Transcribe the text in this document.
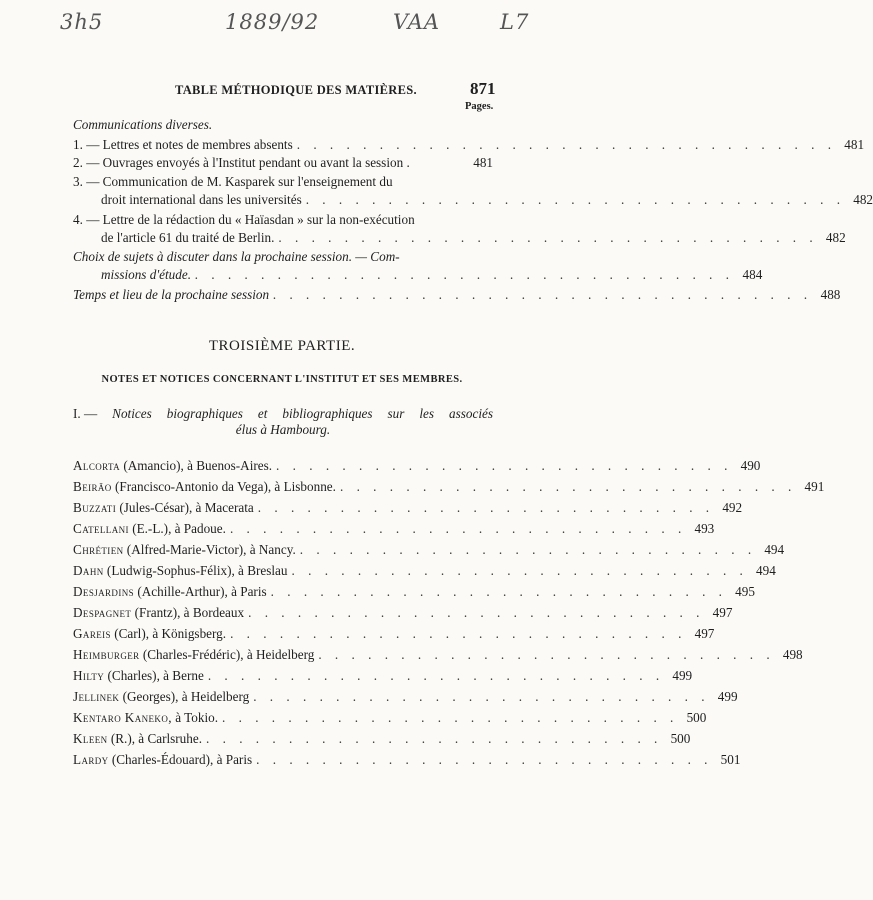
3h5	1889/92	VAA	L7
TABLE MÉTHODIQUE DES MATIÈRES.	871
Pages.
Communications diverses.
1. — Lettres et notes de membres absents . . . . . . . . . . . . . . . . . . . . . . . . . . . . . . . . . 481
2. — Ouvrages envoyés à l'Institut pendant ou avant la session .	481
3. — Communication de M. Kasparek sur l'enseignement du
droit international dans les universités . . . . . . . . . . . . . . . . . . . . . . . . . . . . . . . . . 482
4. — Lettre de la rédaction du « Haïasdan » sur la non-exécution
de l'article 61 du traité de Berlin. . . . . . . . . . . . . . . . . . . . . . . . . . . . . . . . . . 482
Choix de sujets à discuter dans la prochaine session. — Com-
missions d'étude. . . . . . . . . . . . . . . . . . . . . . . . . . . . . . . . . . 484
Temps et lieu de la prochaine session . . . . . . . . . . . . . . . . . . . . . . . . . . . . . . . . . 488
TROISIÈME PARTIE.
NOTES ET NOTICES CONCERNANT L'INSTITUT ET SES MEMBRES.
I. — Notices biographiques et bibliographiques sur les associés
élus à Hambourg.
Alcorta (Amancio), à Buenos-Aires. . . . . . . . . . . . . . . . . . . . . . . . . . . . . 490
Beirão (Francisco-Antonio da Vega), à Lisbonne. . . . . . . . . . . . . . . . . . . . . . . . . . . . . 491
Buzzati (Jules-César), à Macerata . . . . . . . . . . . . . . . . . . . . . . . . . . . . 492
Catellani (E.-L.), à Padoue. . . . . . . . . . . . . . . . . . . . . . . . . . . . . 493
Chrétien (Alfred-Marie-Victor), à Nancy. . . . . . . . . . . . . . . . . . . . . . . . . . . . . 494
Dahn (Ludwig-Sophus-Félix), à Breslau . . . . . . . . . . . . . . . . . . . . . . . . . . . . 494
Desjardins (Achille-Arthur), à Paris . . . . . . . . . . . . . . . . . . . . . . . . . . . . 495
Despagnet (Frantz), à Bordeaux . . . . . . . . . . . . . . . . . . . . . . . . . . . . 497
Gareis (Carl), à Königsberg. . . . . . . . . . . . . . . . . . . . . . . . . . . . . 497
Heimburger (Charles-Frédéric), à Heidelberg . . . . . . . . . . . . . . . . . . . . . . . . . . . . 498
Hilty (Charles), à Berne . . . . . . . . . . . . . . . . . . . . . . . . . . . . 499
Jellinek (Georges), à Heidelberg . . . . . . . . . . . . . . . . . . . . . . . . . . . . 499
Kentaro Kaneko, à Tokio. . . . . . . . . . . . . . . . . . . . . . . . . . . . . 500
Kleen (R.), à Carlsruhe. . . . . . . . . . . . . . . . . . . . . . . . . . . . . 500
Lardy (Charles-Édouard), à Paris . . . . . . . . . . . . . . . . . . . . . . . . . . . . 501
